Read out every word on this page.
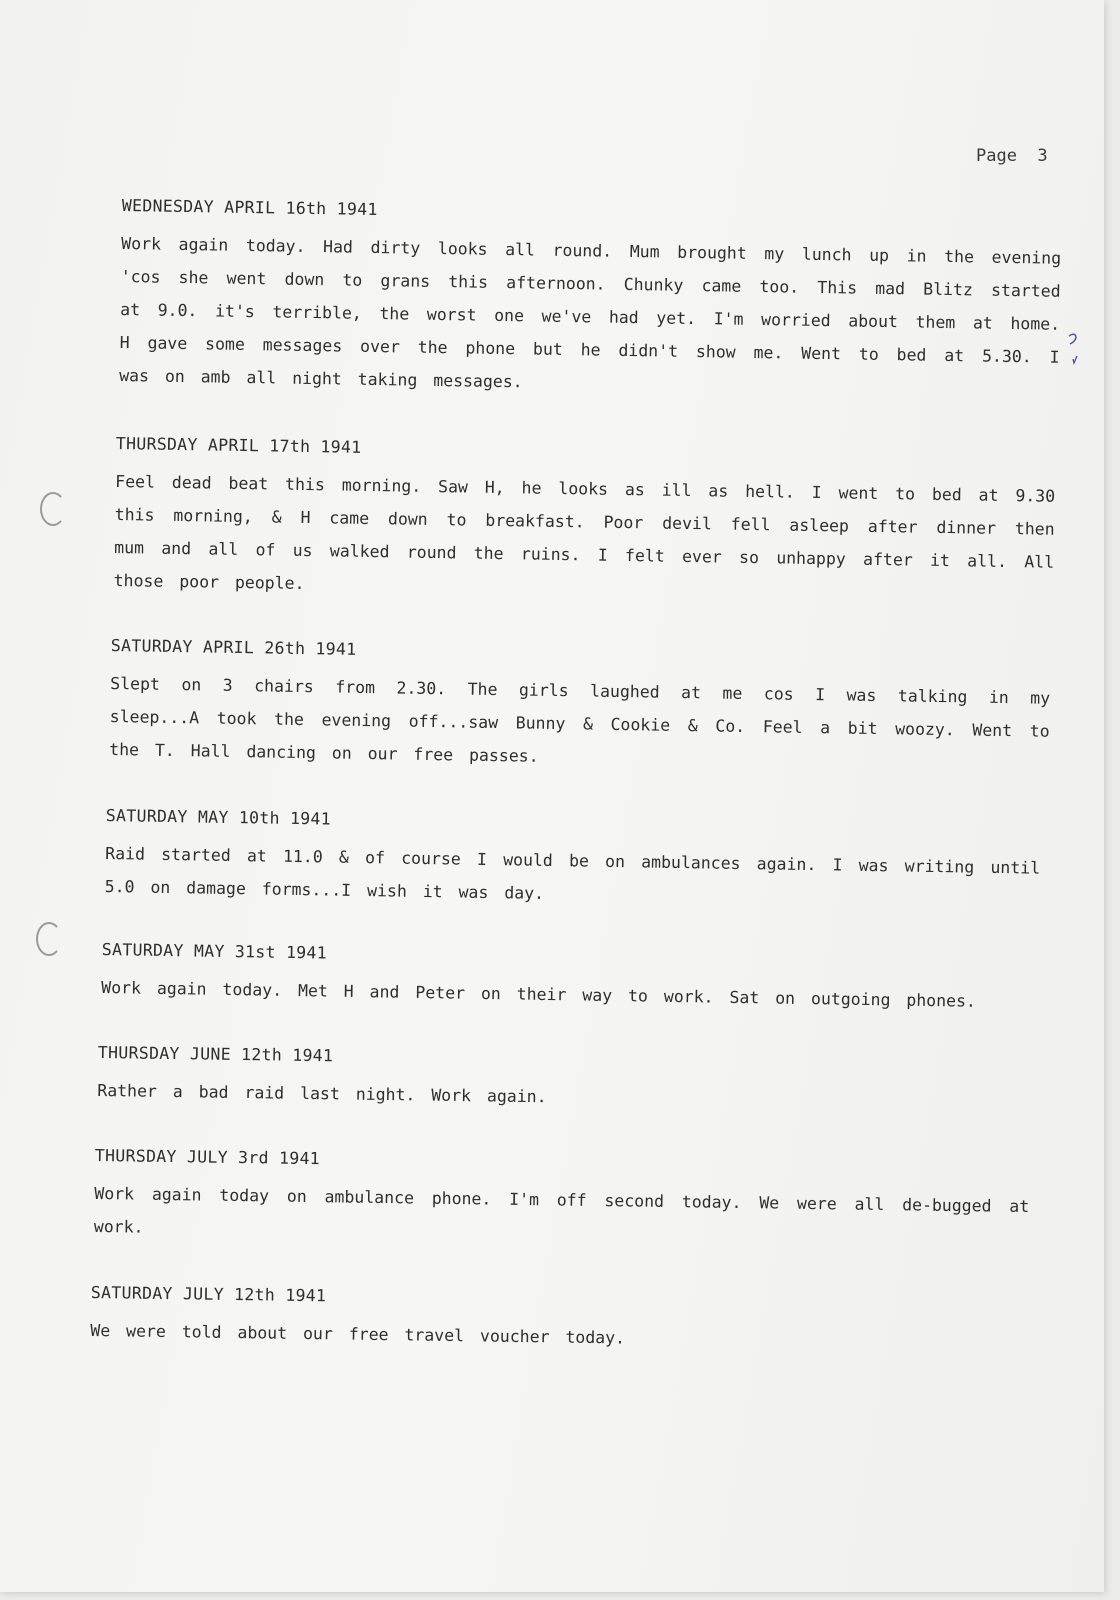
Page  3
WEDNESDAY APRIL 16th 1941

Work again today. Had dirty looks all round. Mum brought my lunch up in the evening 'cos she went down to grans this afternoon. Chunky came too. This mad Blitz started at 9.0. it's terrible, the worst one we've had yet. I'm worried about them at home. H gave some messages over the phone but he didn't show me. Went to bed at 5.30. I was on amb all night taking messages.

THURSDAY APRIL 17th 1941

Feel dead beat this morning. Saw H, he looks as ill as hell. I went to bed at 9.30 this morning, & H came down to breakfast. Poor devil fell asleep after dinner then mum and all of us walked round the ruins. I felt ever so unhappy after it all. All those poor people.

SATURDAY APRIL 26th 1941

Slept on 3 chairs from 2.30. The girls laughed at me cos I was talking in my sleep...A took the evening off...saw Bunny & Cookie & Co. Feel a bit woozy. Went to the T. Hall dancing on our free passes.

SATURDAY MAY 10th 1941

Raid started at 11.0 & of course I would be on ambulances again. I was writing until 5.0 on damage forms...I wish it was day.

SATURDAY MAY 31st 1941

Work again today. Met H and Peter on their way to work. Sat on outgoing phones.

THURSDAY JUNE 12th 1941

Rather a bad raid last night. Work again.

THURSDAY JULY 3rd 1941

Work again today on ambulance phone. I'm off second today. We were all de-bugged at work.

SATURDAY JULY 12th 1941

We were told about our free travel voucher today.
